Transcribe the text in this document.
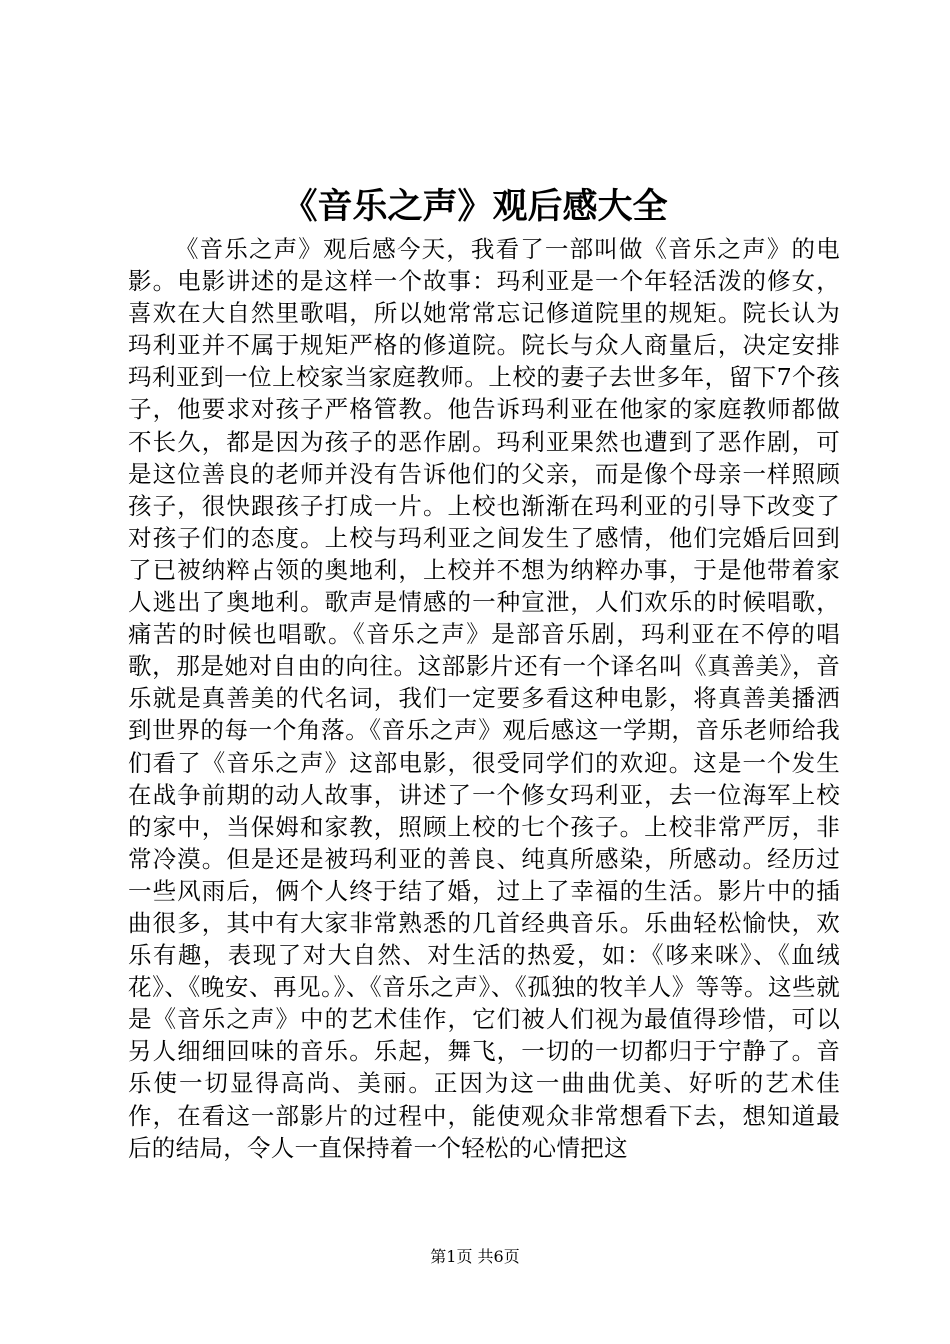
《音乐之声》观后感大全

《音乐之声》观后感今天，我看了一部叫做《音乐之声》的电影。电影讲述的是这样一个故事：玛利亚是一个年轻活泼的修女，喜欢在大自然里歌唱，所以她常常忘记修道院里的规矩。院长认为玛利亚并不属于规矩严格的修道院。院长与众人商量后，决定安排玛利亚到一位上校家当家庭教师。上校的妻子去世多年，留下7个孩子，他要求对孩子严格管教。他告诉玛利亚在他家的家庭教师都做不长久，都是因为孩子的恶作剧。玛利亚果然也遭到了恶作剧，可是这位善良的老师并没有告诉他们的父亲，而是像个母亲一样照顾孩子，很快跟孩子打成一片。上校也渐渐在玛利亚的引导下改变了对孩子们的态度。上校与玛利亚之间发生了感情，他们完婚后回到了已被纳粹占领的奥地利，上校并不想为纳粹办事，于是他带着家人逃出了奥地利。歌声是情感的一种宣泄，人们欢乐的时候唱歌，痛苦的时候也唱歌。《音乐之声》是部音乐剧，玛利亚在不停的唱歌，那是她对自由的向往。这部影片还有一个译名叫《真善美》，音乐就是真善美的代名词，我们一定要多看这种电影，将真善美播洒到世界的每一个角落。《音乐之声》观后感这一学期，音乐老师给我们看了《音乐之声》这部电影，很受同学们的欢迎。这是一个发生在战争前期的动人故事，讲述了一个修女玛利亚，去一位海军上校的家中，当保姆和家教，照顾上校的七个孩子。上校非常严厉，非常冷漠。但是还是被玛利亚的善良、纯真所感染，所感动。经历过一些风雨后，俩个人终于结了婚，过上了幸福的生活。影片中的插曲很多，其中有大家非常熟悉的几首经典音乐。乐曲轻松愉快，欢乐有趣，表现了对大自然、对生活的热爱，如：《哆来咪》、《血绒花》、《晚安、再见。》、《音乐之声》、《孤独的牧羊人》等等。这些就是《音乐之声》中的艺术佳作，它们被人们视为最值得珍惜，可以另人细细回味的音乐。乐起，舞飞，一切的一切都归于宁静了。音乐使一切显得高尚、美丽。正因为这一曲曲优美、好听的艺术佳作，在看这一部影片的过程中，能使观众非常想看下去，想知道最后的结局，令人一直保持着一个轻松的心情把这

第1页 共6页
